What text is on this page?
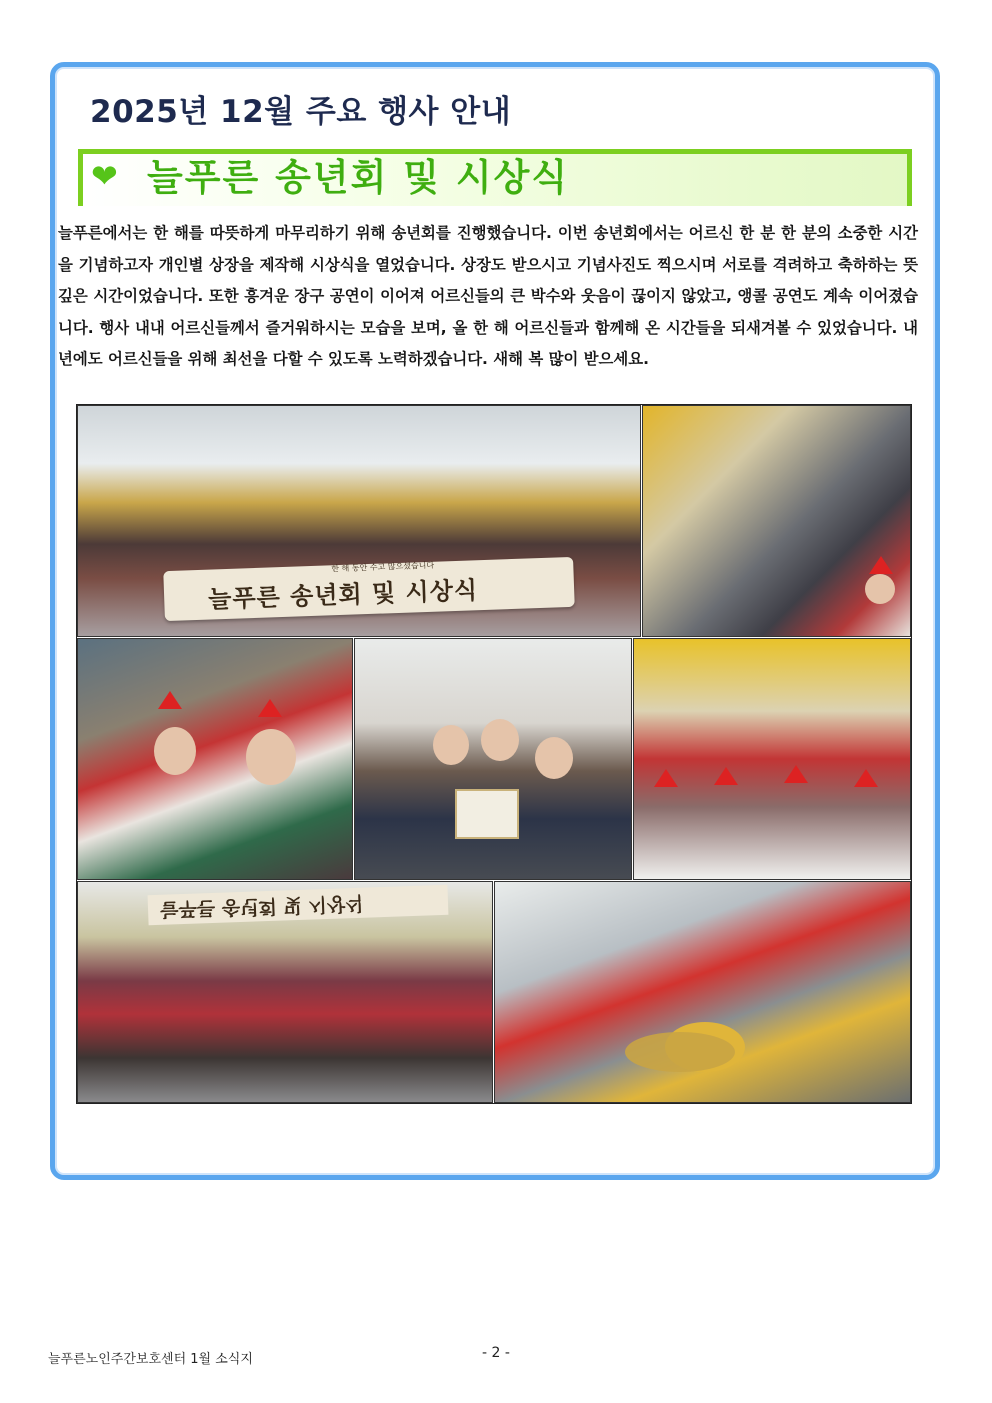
2025년 12월 주요 행사 안내
❤ 늘푸른 송년회 및 시상식

늘푸른에서는 한 해를 따뜻하게 마무리하기 위해 송년회를 진행했습니다. 이번 송년회에서는 어르신 한 분 한 분의 소중한 시간을 기념하고자 개인별 상장을 제작해 시상식을 열었습니다. 상장도 받으시고 기념사진도 찍으시며 서로를 격려하고 축하하는 뜻깊은 시간이었습니다. 또한 흥겨운 장구 공연이 이어져 어르신들의 큰 박수와 웃음이 끊이지 않았고, 앵콜 공연도 계속 이어졌습니다. 행사 내내 어르신들께서 즐거워하시는 모습을 보며, 올 한 해 어르신들과 함께해 온 시간들을 되새겨볼 수 있었습니다. 내년에도 어르신들을 위해 최선을 다할 수 있도록 노력하겠습니다. 새해 복 많이 받으세요.

한 해 동안 수고 많으셨습니다
늘푸른 송년회 및 시상식
늘푸른 송년회 및 시상식
늘푸른노인주간보호센터 1월 소식지	- 2 -
